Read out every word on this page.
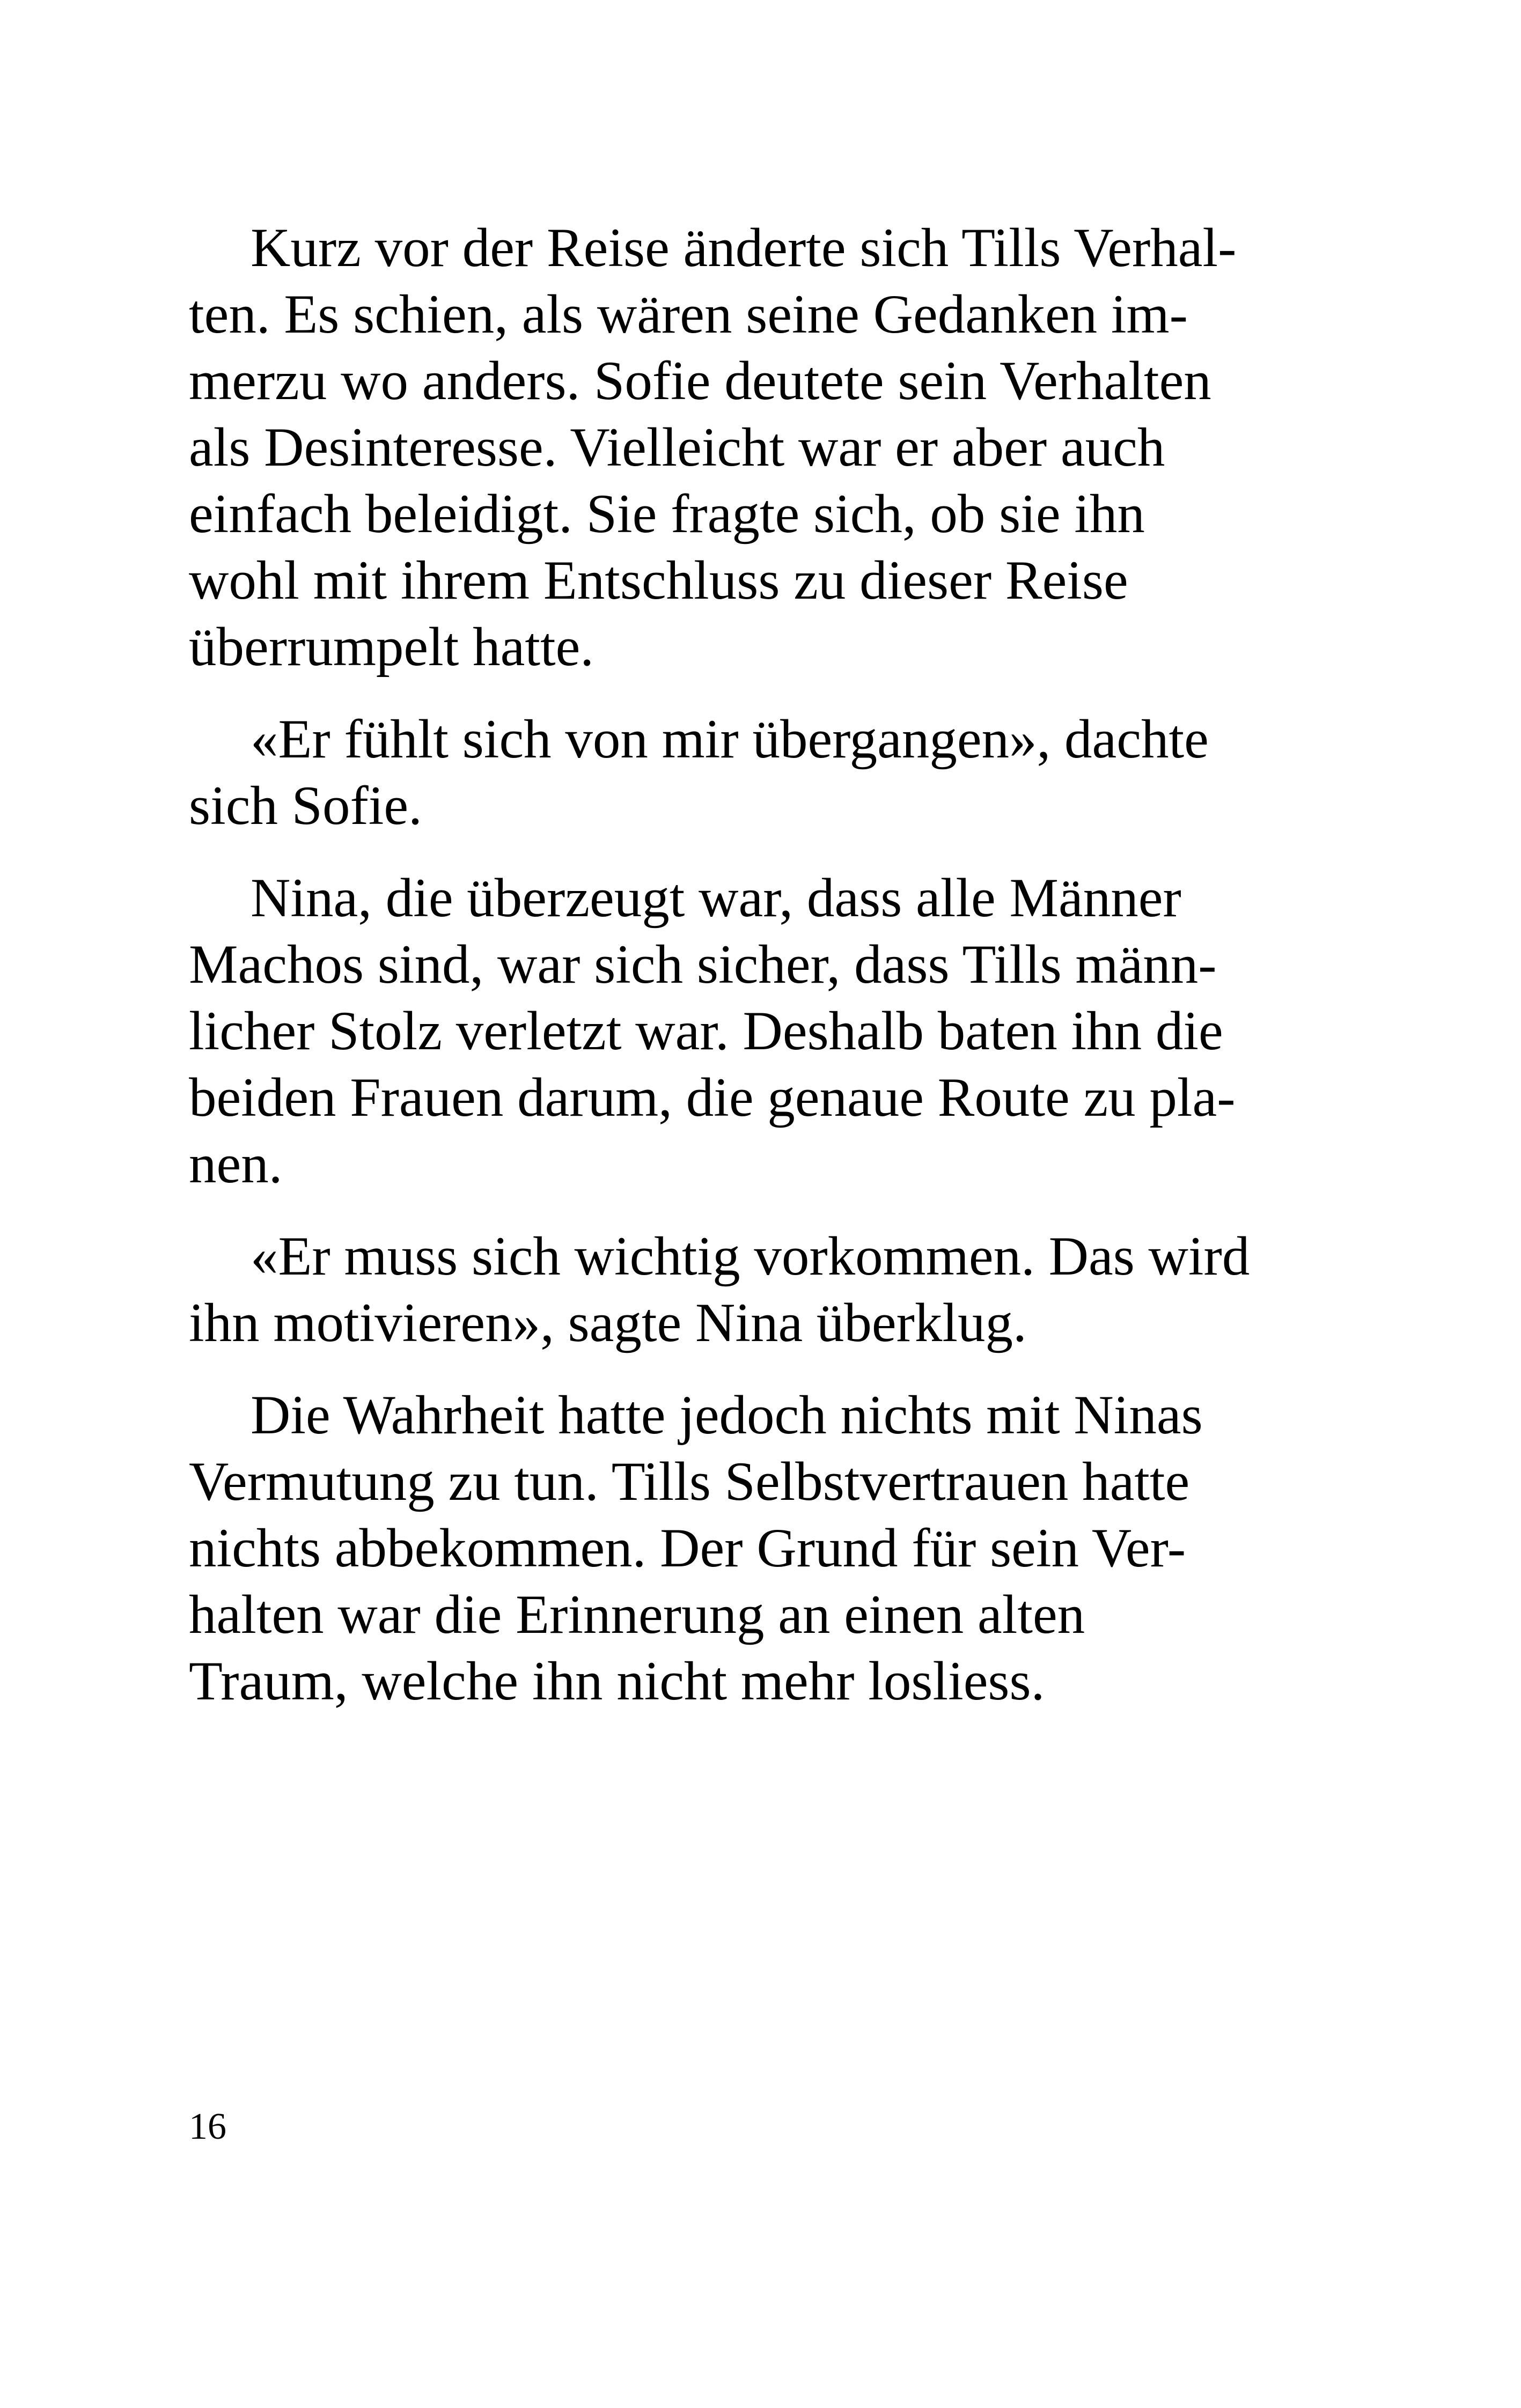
Kurz vor der Reise änderte sich Tills Verhal-
ten. Es schien, als wären seine Gedanken im-
merzu wo anders. Sofie deutete sein Verhalten
als Desinteresse. Vielleicht war er aber auch
einfach beleidigt. Sie fragte sich, ob sie ihn
wohl mit ihrem Entschluss zu dieser Reise
überrumpelt hatte.

«Er fühlt sich von mir übergangen», dachte
sich Sofie.

Nina, die überzeugt war, dass alle Männer
Machos sind, war sich sicher, dass Tills männ-
licher Stolz verletzt war. Deshalb baten ihn die
beiden Frauen darum, die genaue Route zu pla-
nen.

«Er muss sich wichtig vorkommen. Das wird
ihn motivieren», sagte Nina überklug.

Die Wahrheit hatte jedoch nichts mit Ninas
Vermutung zu tun. Tills Selbstvertrauen hatte
nichts abbekommen. Der Grund für sein Ver-
halten war die Erinnerung an einen alten
Traum, welche ihn nicht mehr losliess.

16
